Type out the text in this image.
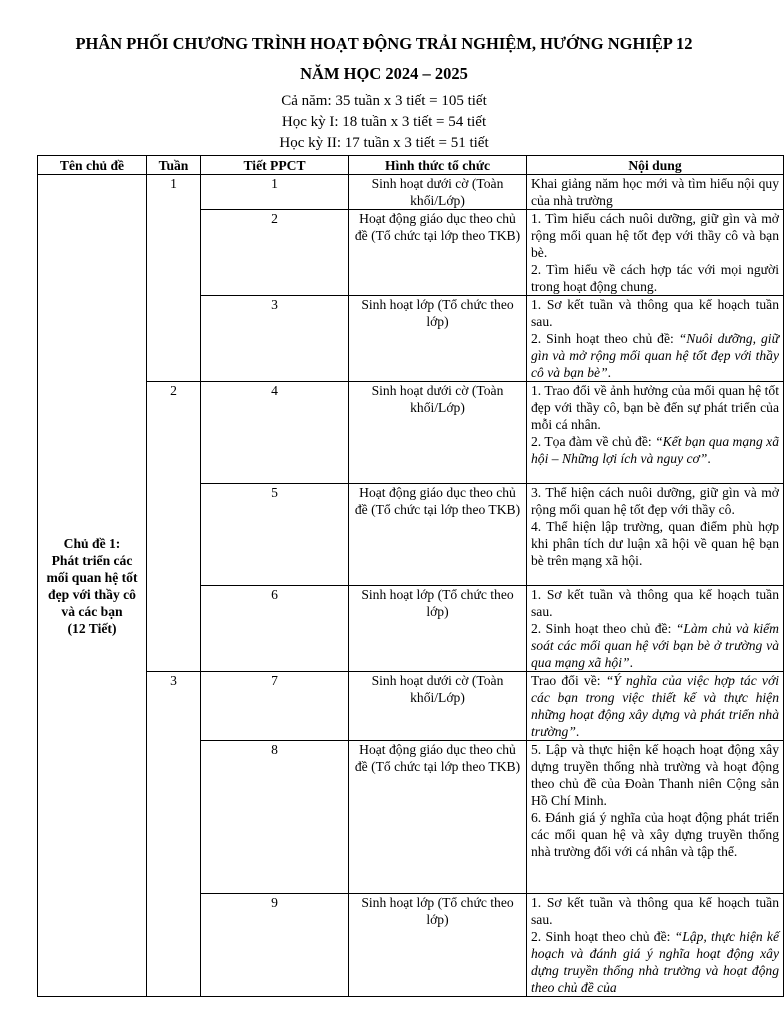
PHÂN PHỐI CHƯƠNG TRÌNH HOẠT ĐỘNG TRẢI NGHIỆM, HƯỚNG NGHIỆP 12
NĂM HỌC 2024 – 2025
Cả năm: 35 tuần x 3 tiết = 105 tiết
Học kỳ I: 18 tuần x 3 tiết = 54 tiết
Học kỳ II: 17 tuần x 3 tiết = 51 tiết
Tên chủ đề	Tuần	Tiết PPCT	Hình thức tổ chức	Nội dung

Chủ đề 1:
Phát triển các mối quan hệ tốt đẹp với thầy cô và các bạn
(12 Tiết)	1	1	Sinh hoạt dưới cờ (Toàn khối/Lớp)	Khai giảng năm học mới và tìm hiểu nội quy của nhà trường

		2	Hoạt động giáo dục theo chủ đề (Tổ chức tại lớp theo TKB)	1. Tìm hiểu cách nuôi dưỡng, giữ gìn và mở rộng mối quan hệ tốt đẹp với thầy cô và bạn bè.
2. Tìm hiểu về cách hợp tác với mọi người trong hoạt động chung.

		3	Sinh hoạt lớp (Tổ chức theo lớp)	1. Sơ kết tuần và thông qua kế hoạch tuần sau.
2. Sinh hoạt theo chủ đề: “Nuôi dưỡng, giữ gìn và mở rộng mối quan hệ tốt đẹp với thầy cô và bạn bè”.

	2	4	Sinh hoạt dưới cờ (Toàn khối/Lớp)	1. Trao đổi về ảnh hưởng của mối quan hệ tốt đẹp với thầy cô, bạn bè đến sự phát triển của mỗi cá nhân.
2. Tọa đàm về chủ đề: “Kết bạn qua mạng xã hội – Những lợi ích và nguy cơ”.

		5	Hoạt động giáo dục theo chủ đề (Tổ chức tại lớp theo TKB)	3. Thể hiện cách nuôi dưỡng, giữ gìn và mở rộng mối quan hệ tốt đẹp với thầy cô.
4. Thể hiện lập trường, quan điểm phù hợp khi phân tích dư luận xã hội về quan hệ bạn bè trên mạng xã hội.

		6	Sinh hoạt lớp (Tổ chức theo lớp)	1. Sơ kết tuần và thông qua kế hoạch tuần sau.
2. Sinh hoạt theo chủ đề: “Làm chủ và kiểm soát các mối quan hệ với bạn bè ở trường và qua mạng xã hội”.

	3	7	Sinh hoạt dưới cờ (Toàn khối/Lớp)	Trao đổi về: “Ý nghĩa của việc hợp tác với các bạn trong việc thiết kế và thực hiện những hoạt động xây dựng và phát triển nhà trường”.

		8	Hoạt động giáo dục theo chủ đề (Tổ chức tại lớp theo TKB)	5. Lập và thực hiện kế hoạch hoạt động xây dựng truyền thống nhà trường và hoạt động theo chủ đề của Đoàn Thanh niên Cộng sản Hồ Chí Minh.
6. Đánh giá ý nghĩa của hoạt động phát triển các mối quan hệ và xây dựng truyền thống nhà trường đối với cá nhân và tập thể.

		9	Sinh hoạt lớp (Tổ chức theo lớp)	1. Sơ kết tuần và thông qua kế hoạch tuần sau.
2. Sinh hoạt theo chủ đề: “Lập, thực hiện kế hoạch và đánh giá ý nghĩa hoạt động xây dựng truyền thống nhà trường và hoạt động theo chủ đề của
